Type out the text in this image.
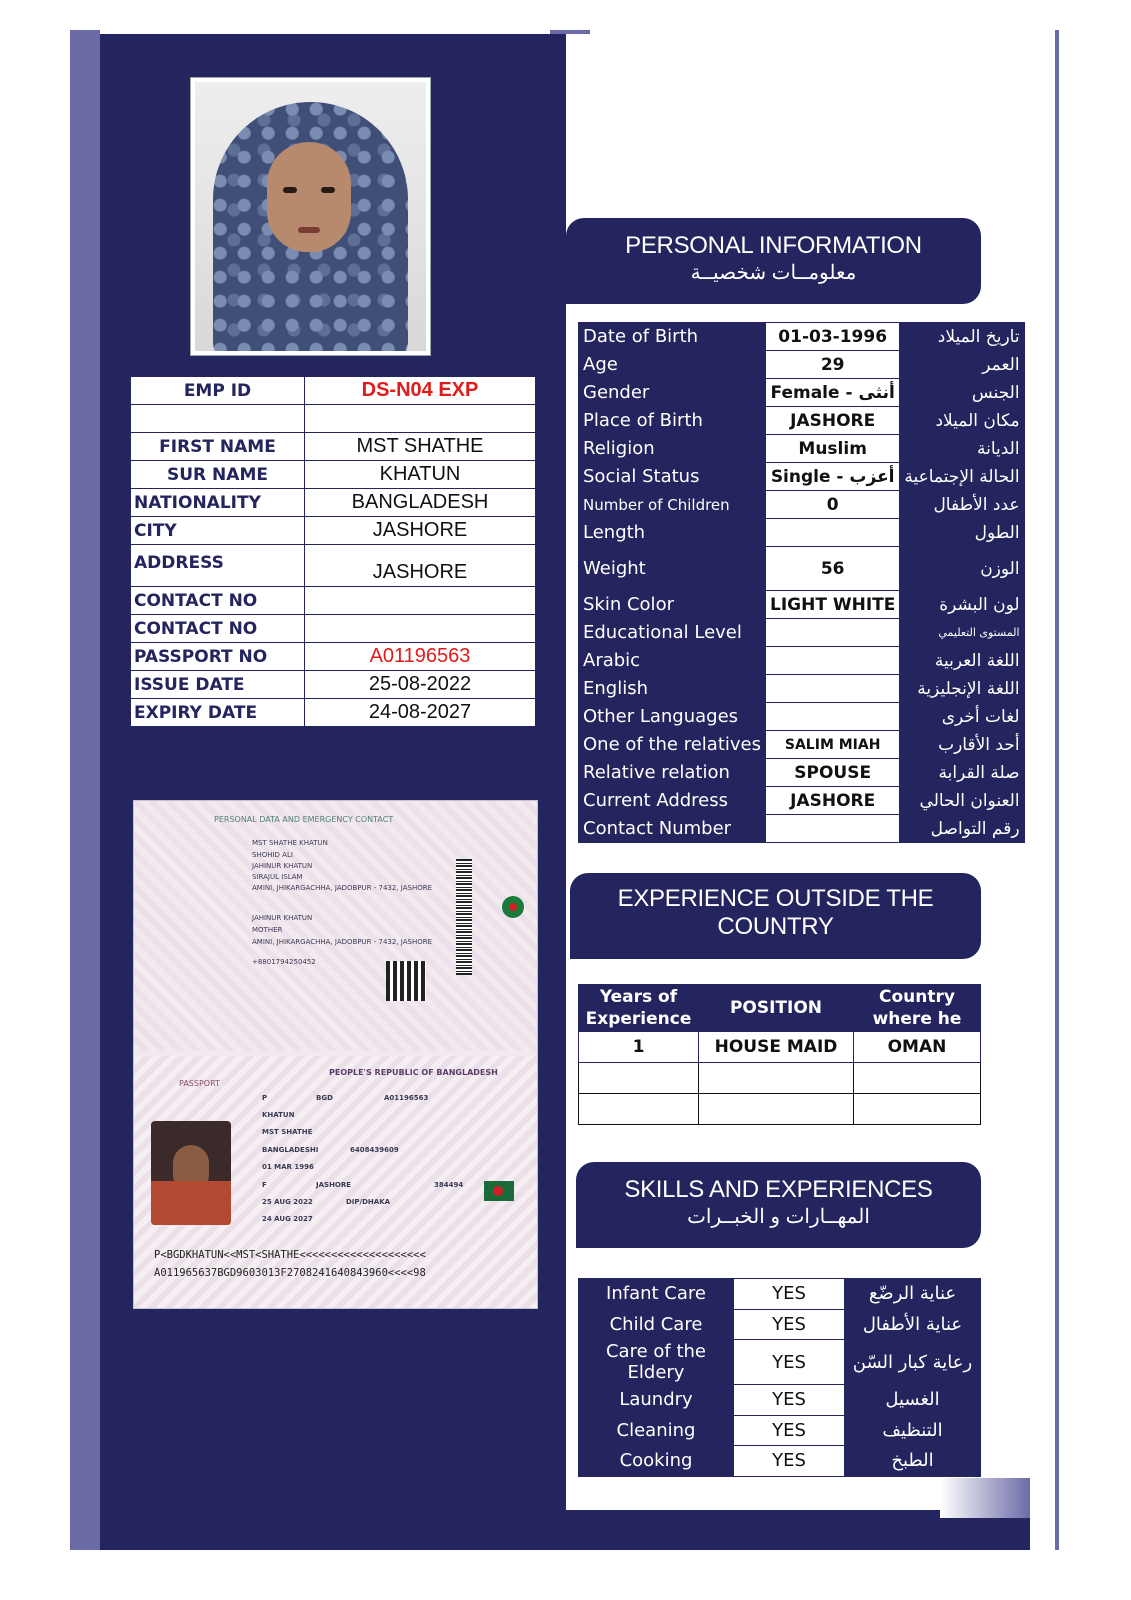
EMP ID	DS-N04 EXP

FIRST NAME	MST SHATHE
SUR NAME	KHATUN
NATIONALITY	BANGLADESH
CITY	JASHORE
ADDRESS	JASHORE
CONTACT NO	
CONTACT NO	
PASSPORT NO	A01196563
ISSUE DATE	25-08-2022
EXPIRY DATE	24-08-2027
PERSONAL DATA AND EMERGENCY CONTACT
MST SHATHE KHATUN
SHOHID ALI
JAHINUR KHATUN
SIRAJUL ISLAM
AMINI, JHIKARGACHHA, JADOBPUR - 7432, JASHORE
JAHINUR KHATUN
MOTHER
AMINI, JHIKARGACHHA, JADOBPUR - 7432, JASHORE
+8801794250452
PEOPLE'S REPUBLIC OF BANGLADESH
PASSPORT
P	BGD	A01196563
KHATUN
MST SHATHE
BANGLADESHI	6408439609
01 MAR 1996
F	JASHORE	384494
25 AUG 2022	DIP/DHAKA
24 AUG 2027
P<BGDKHATUN<<MST<SHATHE<<<<<<<<<<<<<<<<<<<<
A011965637BGD9603013F2708241640843960<<<<98
PERSONAL INFORMATION
معلومــات شخصيــة
Date of Birth	01-03-1996	تاريخ الميلاد
Age	29	العمر
Gender	Female - أنثى	الجنس
Place of Birth	JASHORE	مكان الميلاد
Religion	Muslim	الديانة
Social Status	Single - أعزب	الحالة الإجتماعية
Number of Children	0	عدد الأطفال
Length		الطول
Weight	56	الوزن
Skin Color	LIGHT WHITE	لون البشرة
Educational Level		المستوى التعليمي
Arabic		اللغة العربية
English		اللغة الإنجليزية
Other Languages		لغات أخرى
One of the relatives	SALIM MIAH	أحد الأقارب
Relative relation	SPOUSE	صلة القرابة
Current Address	JASHORE	العنوان الحالي
Contact Number		رقم التواصل
EXPERIENCE OUTSIDE THE
COUNTRY
Years of Experience	POSITION	Country where he
1	HOUSE MAID	OMAN

SKILLS AND EXPERIENCES
المهــارات و الخبــرات
Infant Care	YES	عناية الرضّع
Child Care	YES	عناية الأطفال
Care of the Eldery	YES	رعاية كبار السّن
Laundry	YES	الغسيل
Cleaning	YES	التنظيف
Cooking	YES	الطبخ
